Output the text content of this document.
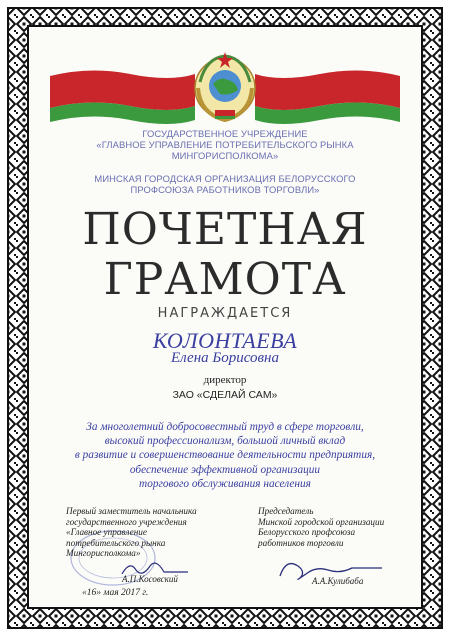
ГОСУДАРСТВЕННОЕ УЧРЕЖДЕНИЕ
«ГЛАВНОЕ УПРАВЛЕНИЕ ПОТРЕБИТЕЛЬСКОГО РЫНКА
МИНГОРИСПОЛКОМА»
МИНСКАЯ ГОРОДСКАЯ ОРГАНИЗАЦИЯ БЕЛОРУССКОГО
ПРОФСОЮЗА РАБОТНИКОВ ТОРГОВЛИ»
ПОЧЕТНАЯ
ГРАМОТА
НАГРАЖДАЕТСЯ
КОЛОНТАЕВА
Елена Борисовна
директор
ЗАО «СДЕЛАЙ САМ»
За многолетний добросовестный труд в сфере торговли,
высокий профессионализм, большой личный вклад
в развитие и совершенствование деятельности предприятия,
обеспечение эффективной организации
торгового обслуживания населения
Первый заместитель начальника
государственного учреждения
«Главное управление
потребительского рынка
Мингорисполкома»
Председатель
Минской городской организации
Белорусского профсоюза
работников торговли
А.П.Косовский	А.А.Кулибаба
«16» мая 2017 г.
